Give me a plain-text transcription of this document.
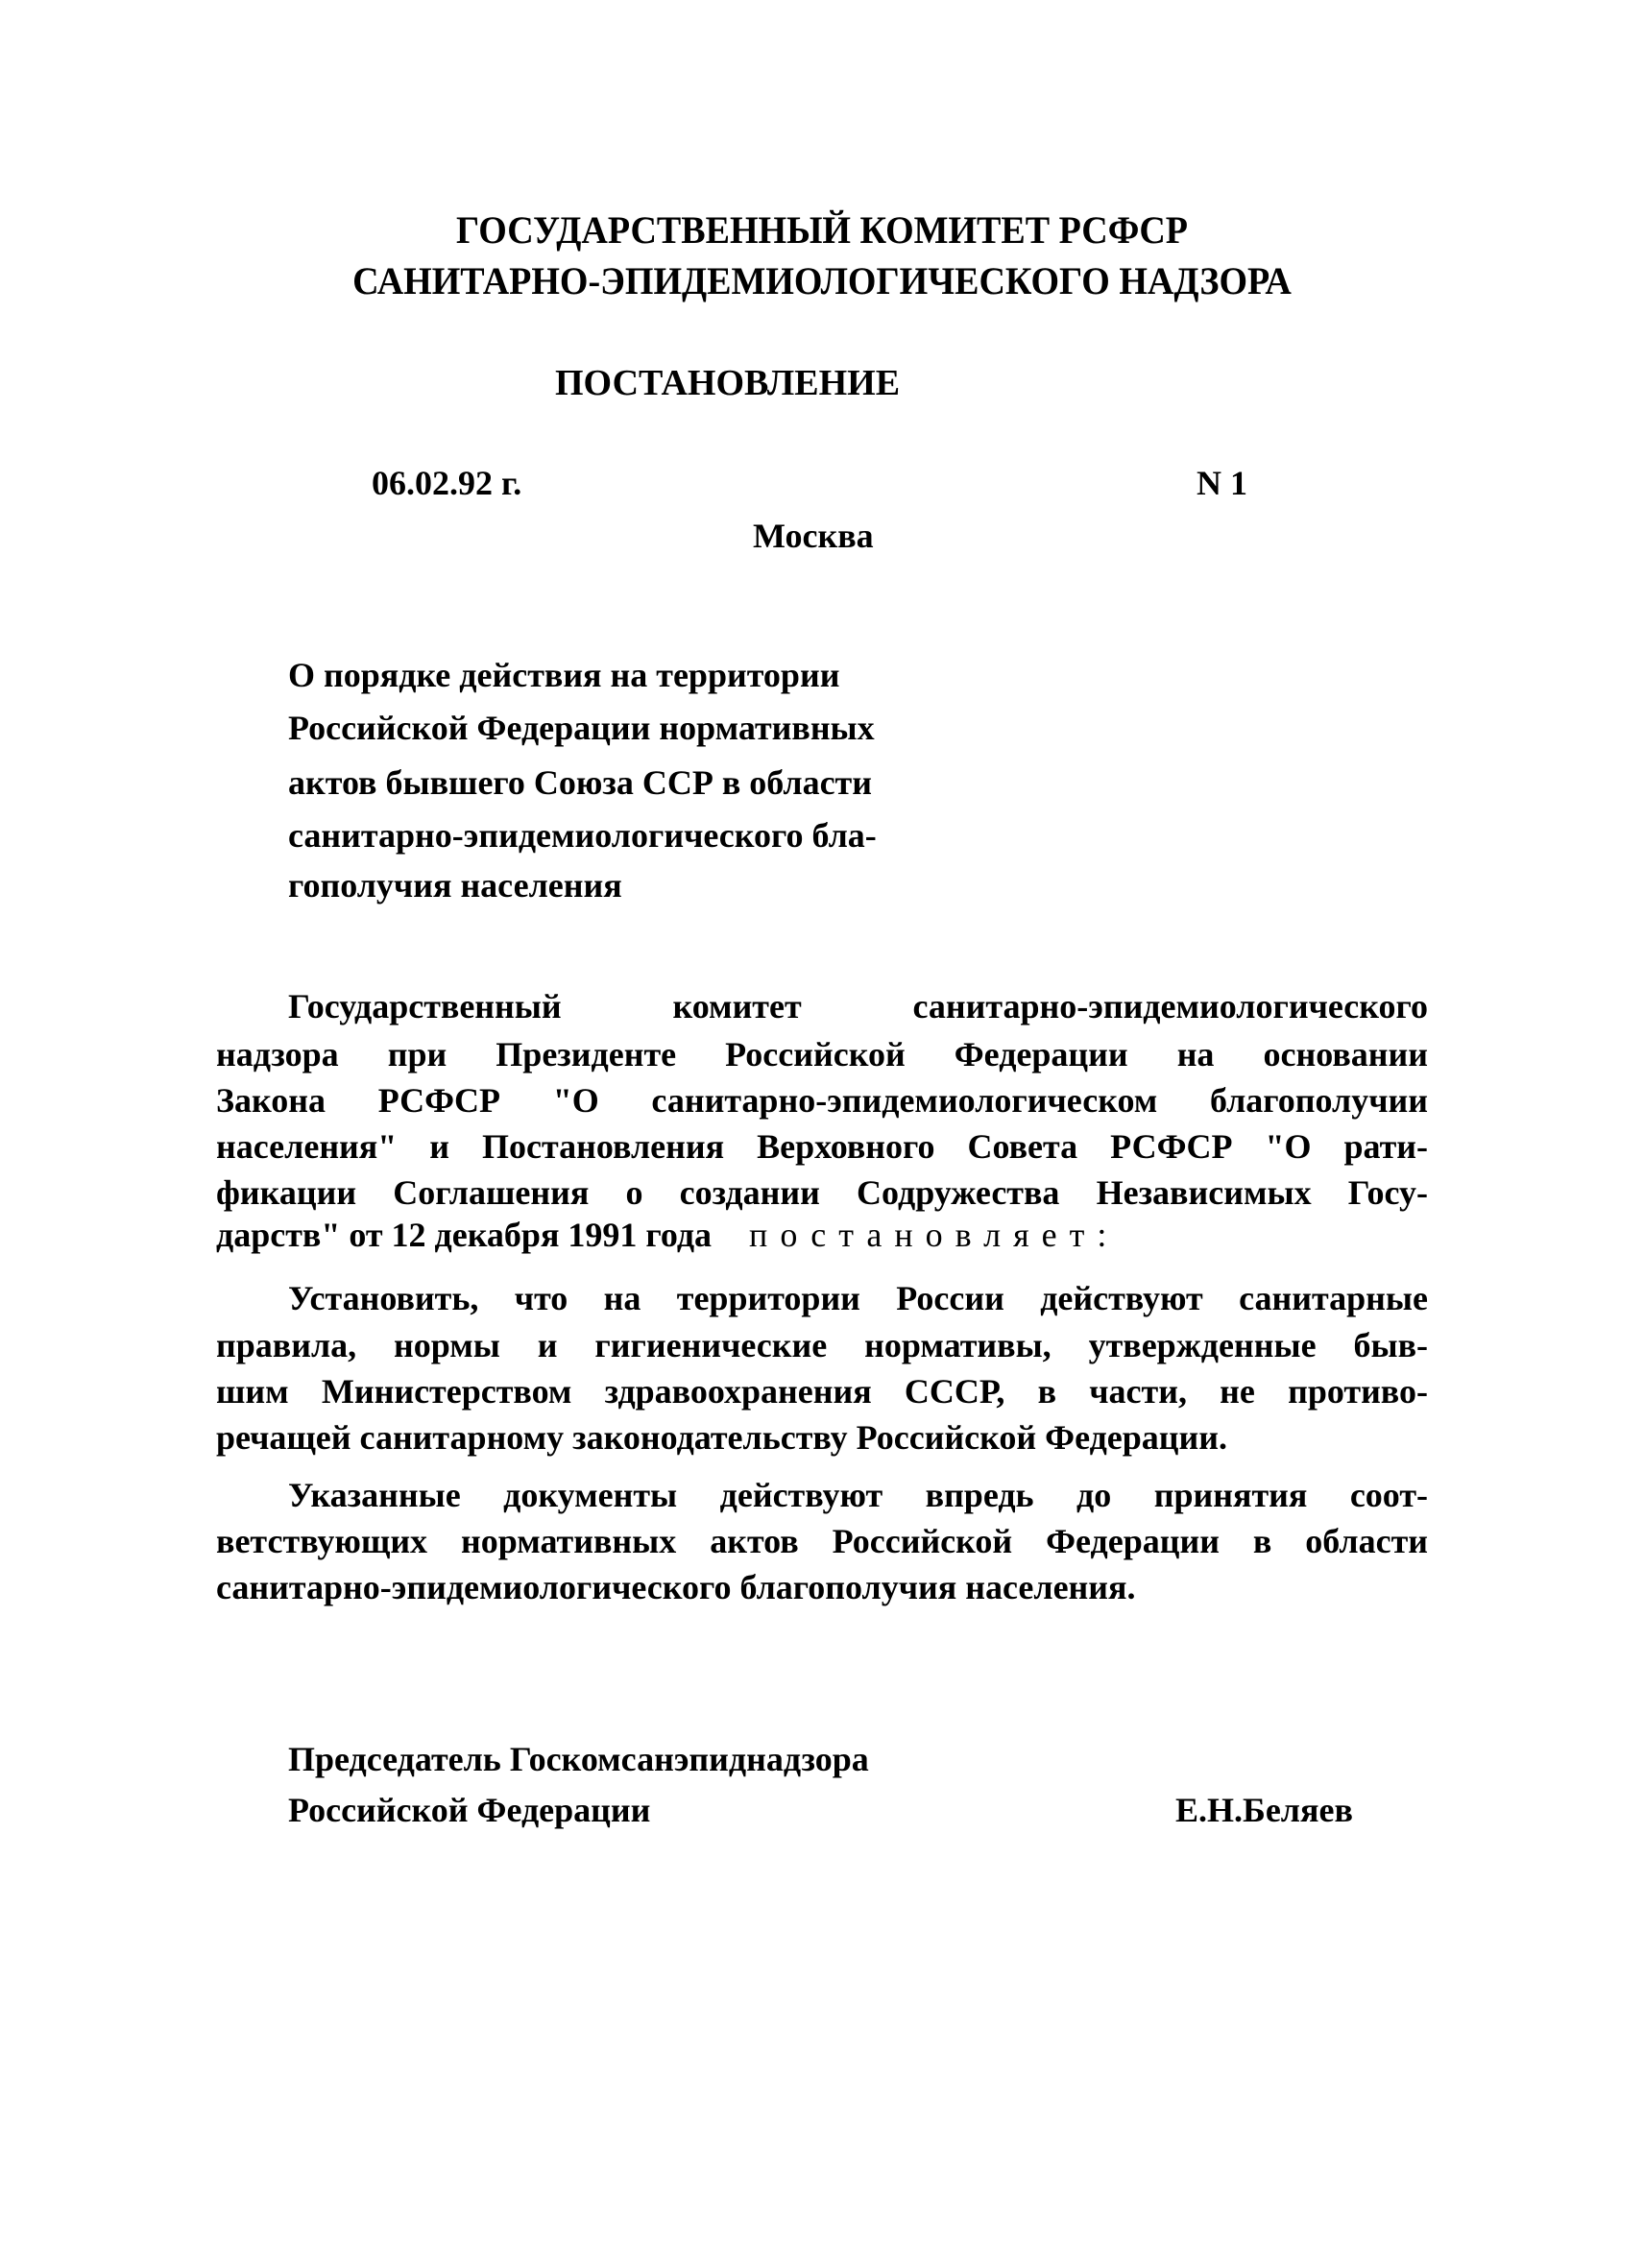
ГОСУДАРСТВЕННЫЙ КОМИТЕТ РСФСР
САНИТАРНО-ЭПИДЕМИОЛОГИЧЕСКОГО НАДЗОРА
ПОСТАНОВЛЕНИЕ
06.02.92 г.	N 1
Москва
О порядке действия на территории
Российской Федерации нормативных
актов бывшего Союза ССР в области
санитарно-эпидемиологического бла-
гополучия населения
Государственный комитет санитарно-эпидемиологического
надзора при Президенте Российской Федерации на основании
Закона РСФСР "О санитарно-эпидемиологическом благополучии
населения" и Постановления Верховного Совета РСФСР "О рати-
фикации Соглашения о создании Содружества Независимых Госу-
дарств" от 12 декабря 1991 года постановляет:
Установить, что на территории России действуют санитарные
правила, нормы и гигиенические нормативы, утвержденные быв-
шим Министерством здравоохранения СССР, в части, не противо-
речащей санитарному законодательству Российской Федерации.
Указанные документы действуют впредь до принятия соот-
ветствующих нормативных актов Российской Федерации в области
санитарно-эпидемиологического благополучия населения.
Председатель Госкомсанэпиднадзора
Российской Федерации	Е.Н.Беляев
